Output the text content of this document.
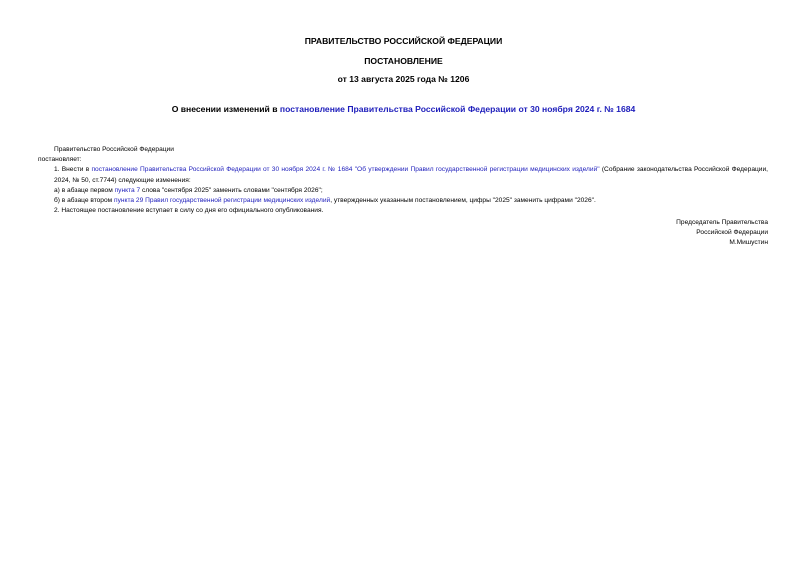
ПРАВИТЕЛЬСТВО РОССИЙСКОЙ ФЕДЕРАЦИИ
ПОСТАНОВЛЕНИЕ
от 13 августа 2025 года № 1206
О внесении изменений в постановление Правительства Российской Федерации от 30 ноября 2024 г. № 1684

Правительство Российской Федерации

постановляет:

1. Внести в постановление Правительства Российской Федерации от 30 ноября 2024 г. № 1684 "Об утверждении Правил государственной регистрации медицинских изделий" (Собрание законодательства Российской Федерации, 2024, № 50, ст.7744) следующие изменения:

а) в абзаце первом пункта 7 слова "сентября 2025" заменить словами "сентября 2026";

б) в абзаце втором пункта 29 Правил государственной регистрации медицинских изделий, утвержденных указанным постановлением, цифры "2025" заменить цифрами "2026".

2. Настоящее постановление вступает в силу со дня его официального опубликования.

Председатель Правительства
Российской Федерации
М.Мишустин
